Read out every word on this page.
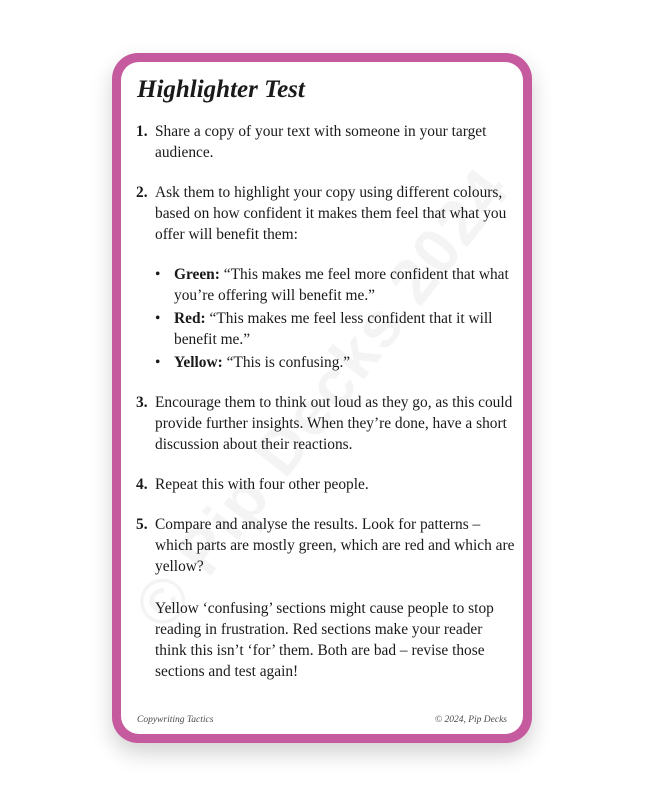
Highlighter Test
1. Share a copy of your text with someone in your target audience.

2. Ask them to highlight your copy using different colours, based on how confident it makes them feel that what you offer will benefit them:

• Green: “This makes me feel more confident that what you’re offering will benefit me.”
• Red: “This makes me feel less confident that it will benefit me.”
• Yellow: “This is confusing.”
3. Encourage them to think out loud as they go, as this could provide further insights. When they’re done, have a short discussion about their reactions.

4. Repeat this with four other people.

5. Compare and analyse the results. Look for patterns – which parts are mostly green, which are red and which are yellow?

Yellow ‘confusing’ sections might cause people to stop reading in frustration. Red sections make your reader think this isn’t ‘for’ them. Both are bad – revise those sections and test again!

Copywriting Tactics	© 2024, Pip Decks
